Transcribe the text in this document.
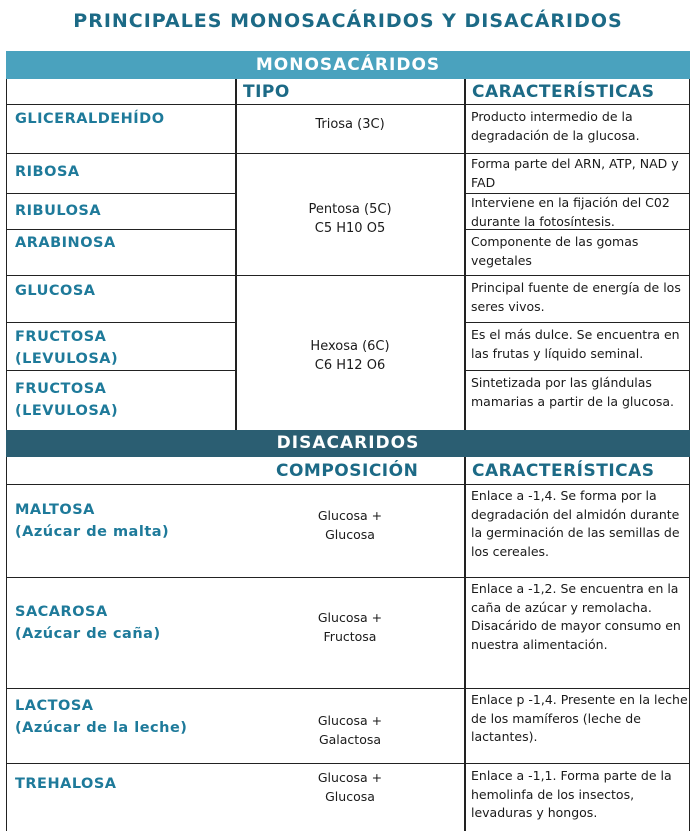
PRINCIPALES MONOSACÁRIDOS Y DISACÁRIDOS
MONOSACÁRIDOS
DISACARIDOS
TIPO	CARACTERÍSTICAS
GLICERALDEHÍDO
RIBOSA
RIBULOSA
ARABINOSA
GLUCOSA
FRUCTOSA
(LEVULOSA)
FRUCTOSA
(LEVULOSA)
Triosa (3C)
Pentosa (5C)
C5 H10 O5
Hexosa (6C)
C6 H12 O6
Producto intermedio de la degradación de la glucosa.
Forma parte del ARN, ATP, NAD y FAD
Interviene en la fijación del C02 durante la fotosíntesis.
Componente de las gomas vegetales
Principal fuente de energía de los seres vivos.
Es el más dulce. Se encuentra en las frutas y líquido seminal.
Sintetizada por las glándulas mamarias a partir de la glucosa.
COMPOSICIÓN	CARACTERÍSTICAS
MALTOSA
(Azúcar de malta)
SACAROSA
(Azúcar de caña)
LACTOSA
(Azúcar de la leche)
TREHALOSA
Glucosa +
Glucosa
Glucosa +
Fructosa
Glucosa +
Galactosa
Glucosa +
Glucosa
Enlace a -1,4. Se forma por la degradación del almidón durante la germinación de las semillas de los cereales.
Enlace a -1,2. Se encuentra en la caña de azúcar y remolacha. Disacárido de mayor consumo en nuestra alimentación.
Enlace p -1,4. Presente en la leche de los mamíferos (leche de lactantes).
Enlace a -1,1. Forma parte de la hemolinfa de los insectos, levaduras y hongos.
